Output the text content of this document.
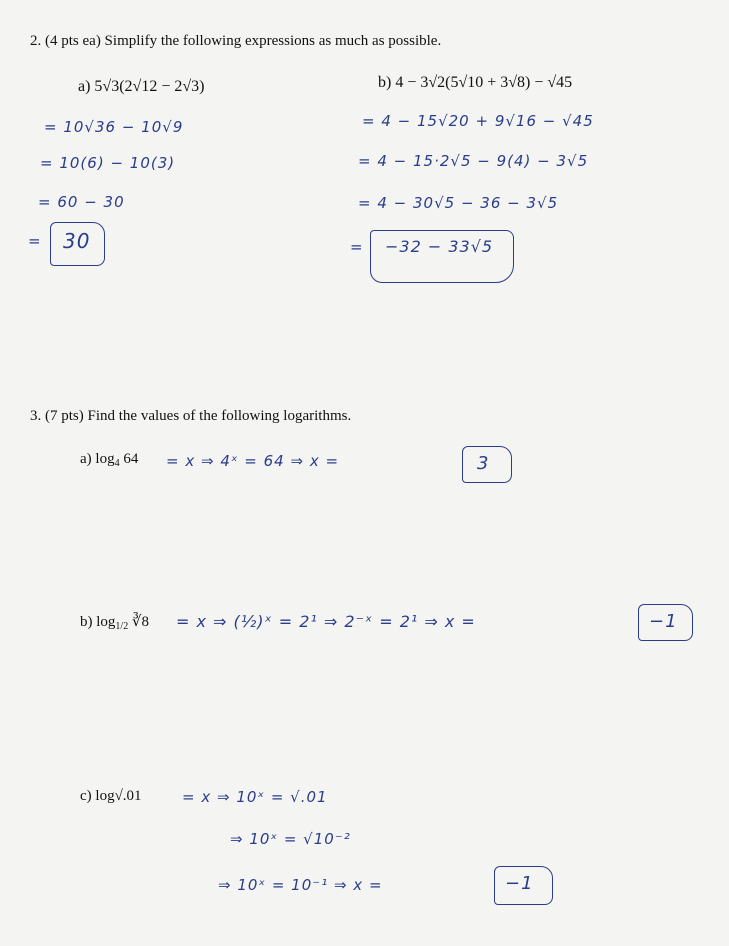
2. (4 pts ea) Simplify the following expressions as much as possible.
a) 5√3(2√12 − 2√3)
= 10√36 − 10√9
= 10(6) − 10(3)
= 60 − 30
=	30
b) 4 − 3√2(5√10 + 3√8) − √45
= 4 − 15√20 + 9√16 − √45
= 4 − 15·2√5 − 9(4) − 3√5
= 4 − 30√5 − 36 − 3√5
=	−32 − 33√5
3. (7 pts) Find the values of the following logarithms.
a) $\log_4 64 = x$ ⇒ 4ˣ = 64 ⇒ x =	3
b) $\log_{1/2}$ ∛8 = x ⇒ (½)ˣ = 2¹ ⇒ 2⁻ˣ = 2¹ ⇒ x =	−1
c) log√.01	= x ⇒ 10ˣ = √.01
⇒ 10ˣ = √10⁻²
⇒ 10ˣ = 10⁻¹ ⇒ x =	−1
